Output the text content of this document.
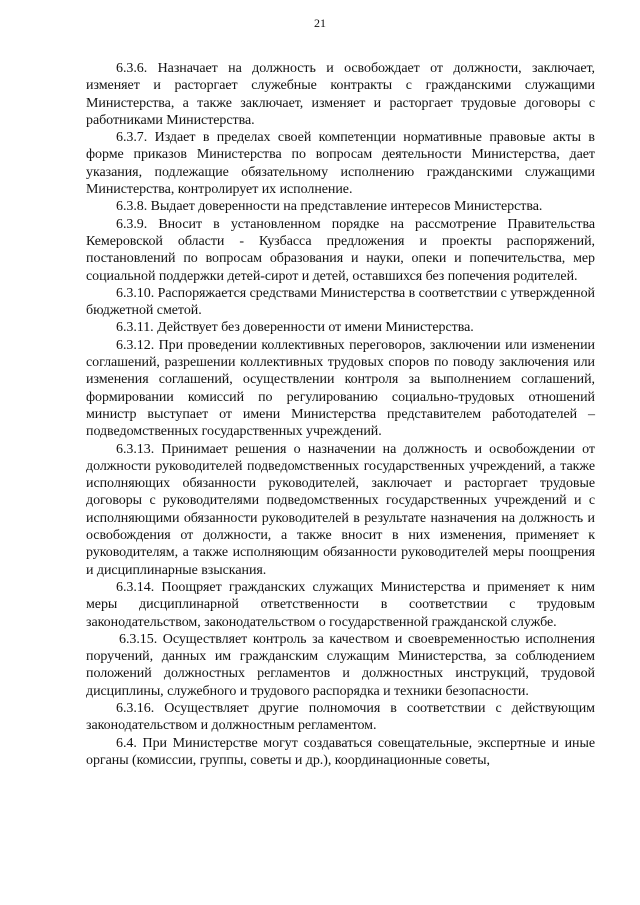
21

6.3.6. Назначает на должность и освобождает от должности, заключает, изменяет и расторгает служебные контракты с гражданскими служащими Министерства, а также заключает, изменяет и расторгает трудовые договоры с работниками Министерства.

6.3.7. Издает в пределах своей компетенции нормативные правовые акты в форме приказов Министерства по вопросам деятельности Министерства, дает указания, подлежащие обязательному исполнению гражданскими служащими Министерства, контролирует их исполнение.

6.3.8. Выдает доверенности на представление интересов Министерства.

6.3.9. Вносит в установленном порядке на рассмотрение Правительства Кемеровской области - Кузбасса предложения и проекты распоряжений, постановлений по вопросам образования и науки, опеки и попечительства, мер социальной поддержки детей-сирот и детей, оставшихся без попечения родителей.

6.3.10. Распоряжается средствами Министерства в соответствии с утвержденной бюджетной сметой.

6.3.11. Действует без доверенности от имени Министерства.

6.3.12. При проведении коллективных переговоров, заключении или изменении соглашений, разрешении коллективных трудовых споров по поводу заключения или изменения соглашений, осуществлении контроля за выполнением соглашений, формировании комиссий по регулированию социально-трудовых отношений министр выступает от имени Министерства представителем работодателей – подведомственных государственных учреждений.

6.3.13. Принимает решения о назначении на должность и освобождении от должности руководителей подведомственных государственных учреждений, а также исполняющих обязанности руководителей, заключает и расторгает трудовые договоры с руководителями подведомственных государственных учреждений и с исполняющими обязанности руководителей в результате назначения на должность и освобождения от должности, а также вносит в них изменения, применяет к руководителям, а также исполняющим обязанности руководителей меры поощрения и дисциплинарные взыскания.

6.3.14. Поощряет гражданских служащих Министерства и применяет к ним меры дисциплинарной ответственности в соответствии с трудовым законодательством, законодательством о государственной гражданской службе.

6.3.15. Осуществляет контроль за качеством и своевременностью исполнения поручений, данных им гражданским служащим Министерства, за соблюдением положений должностных регламентов и должностных инструкций, трудовой дисциплины, служебного и трудового распорядка и техники безопасности.

6.3.16. Осуществляет другие полномочия в соответствии с действующим законодательством и должностным регламентом.

6.4. При Министерстве могут создаваться совещательные, экспертные и иные органы (комиссии, группы, советы и др.), координационные советы,
